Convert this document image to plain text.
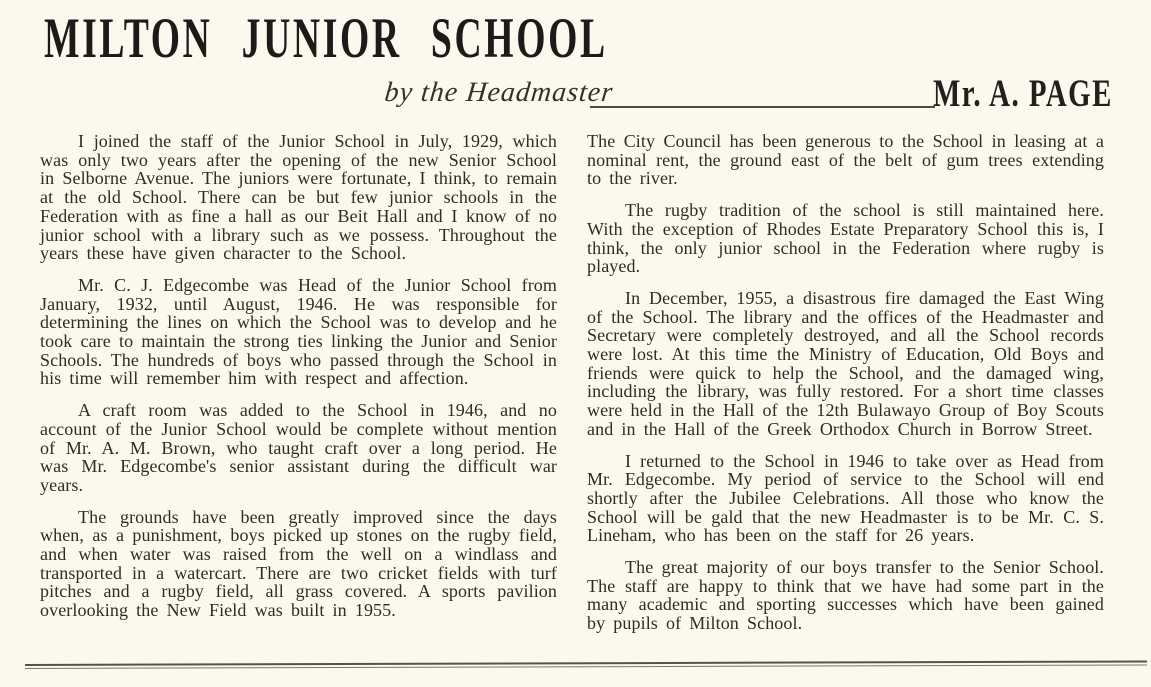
MILTON JUNIOR SCHOOL
by the Headmaster	Mr. A. PAGE

I joined the staff of the Junior School in July, 1929, which was only two years after the opening of the new Senior School in Selborne Avenue. The juniors were fortunate, I think, to remain at the old School. There can be but few junior schools in the Federation with as fine a hall as our Beit Hall and I know of no junior school with a library such as we possess. Throughout the years these have given character to the School.

Mr. C. J. Edgecombe was Head of the Junior School from January, 1932, until August, 1946. He was responsible for determining the lines on which the School was to develop and he took care to maintain the strong ties linking the Junior and Senior Schools. The hundreds of boys who passed through the School in his time will remember him with respect and affection.

A craft room was added to the School in 1946, and no account of the Junior School would be complete without mention of Mr. A. M. Brown, who taught craft over a long period. He was Mr. Edgecombe's senior assistant during the difficult war years.

The grounds have been greatly improved since the days when, as a punishment, boys picked up stones on the rugby field, and when water was raised from the well on a windlass and transported in a watercart. There are two cricket fields with turf pitches and a rugby field, all grass covered. A sports pavilion overlooking the New Field was built in 1955.

The City Council has been generous to the School in leasing at a nominal rent, the ground east of the belt of gum trees extending to the river.

The rugby tradition of the school is still maintained here. With the exception of Rhodes Estate Preparatory School this is, I think, the only junior school in the Federation where rugby is played.

In December, 1955, a disastrous fire damaged the East Wing of the School. The library and the offices of the Headmaster and Secretary were completely destroyed, and all the School records were lost. At this time the Ministry of Education, Old Boys and friends were quick to help the School, and the damaged wing, including the library, was fully restored. For a short time classes were held in the Hall of the 12th Bulawayo Group of Boy Scouts and in the Hall of the Greek Orthodox Church in Borrow Street.

I returned to the School in 1946 to take over as Head from Mr. Edgecombe. My period of service to the School will end shortly after the Jubilee Celebrations. All those who know the School will be gald that the new Headmaster is to be Mr. C. S. Lineham, who has been on the staff for 26 years.

The great majority of our boys transfer to the Senior School. The staff are happy to think that we have had some part in the many academic and sporting successes which have been gained by pupils of Milton School.
